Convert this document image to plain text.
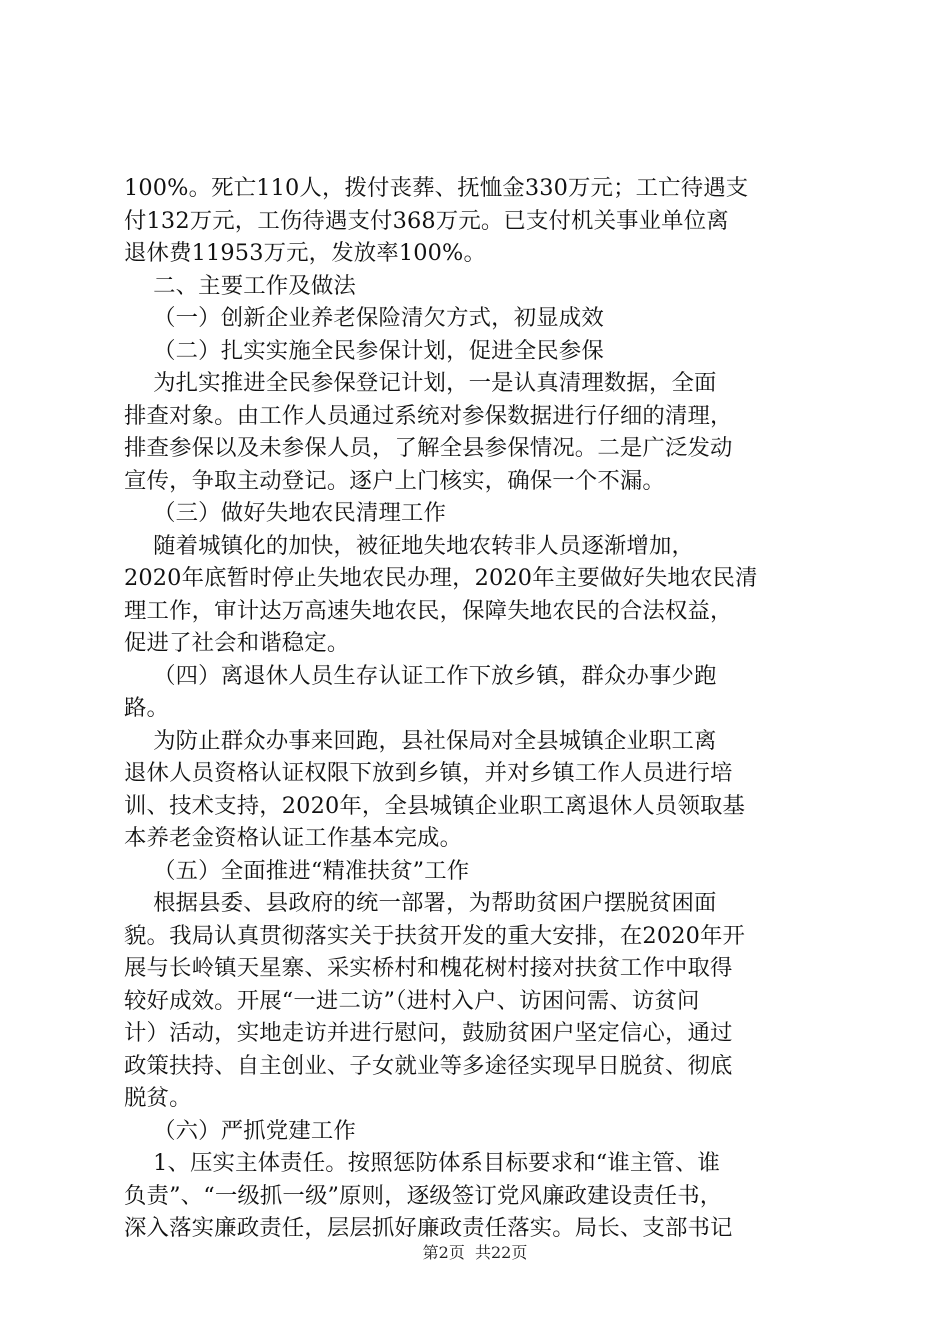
100%。死亡110人，拨付丧葬、抚恤金330万元；工亡待遇支
付132万元，工伤待遇支付368万元。已支付机关事业单位离
退休费11953万元，发放率100%。
二、主要工作及做法
（一）创新企业养老保险清欠方式，初显成效
（二）扎实实施全民参保计划，促进全民参保
为扎实推进全民参保登记计划，一是认真清理数据，全面
排查对象。由工作人员通过系统对参保数据进行仔细的清理，
排查参保以及未参保人员，了解全县参保情况。二是广泛发动
宣传，争取主动登记。逐户上门核实，确保一个不漏。
（三）做好失地农民清理工作
随着城镇化的加快，被征地失地农转非人员逐渐增加，
2020年底暂时停止失地农民办理，2020年主要做好失地农民清
理工作，审计达万高速失地农民，保障失地农民的合法权益，
促进了社会和谐稳定。
（四）离退休人员生存认证工作下放乡镇，群众办事少跑
路。
为防止群众办事来回跑，县社保局对全县城镇企业职工离
退休人员资格认证权限下放到乡镇，并对乡镇工作人员进行培
训、技术支持，2020年，全县城镇企业职工离退休人员领取基
本养老金资格认证工作基本完成。
（五）全面推进“精准扶贫”工作
根据县委、县政府的统一部署，为帮助贫困户摆脱贫困面
貌。我局认真贯彻落实关于扶贫开发的重大安排，在2020年开
展与长岭镇天星寨、采实桥村和槐花树村接对扶贫工作中取得
较好成效。开展“一进二访”（进村入户、访困问需、访贫问
计）活动，实地走访并进行慰问，鼓励贫困户坚定信心，通过
政策扶持、自主创业、子女就业等多途径实现早日脱贫、彻底
脱贫。
（六）严抓党建工作
1、压实主体责任。按照惩防体系目标要求和“谁主管、谁
负责”、“一级抓一级”原则，逐级签订党风廉政建设责任书，
深入落实廉政责任，层层抓好廉政责任落实。局长、支部书记
第2页  共22页
